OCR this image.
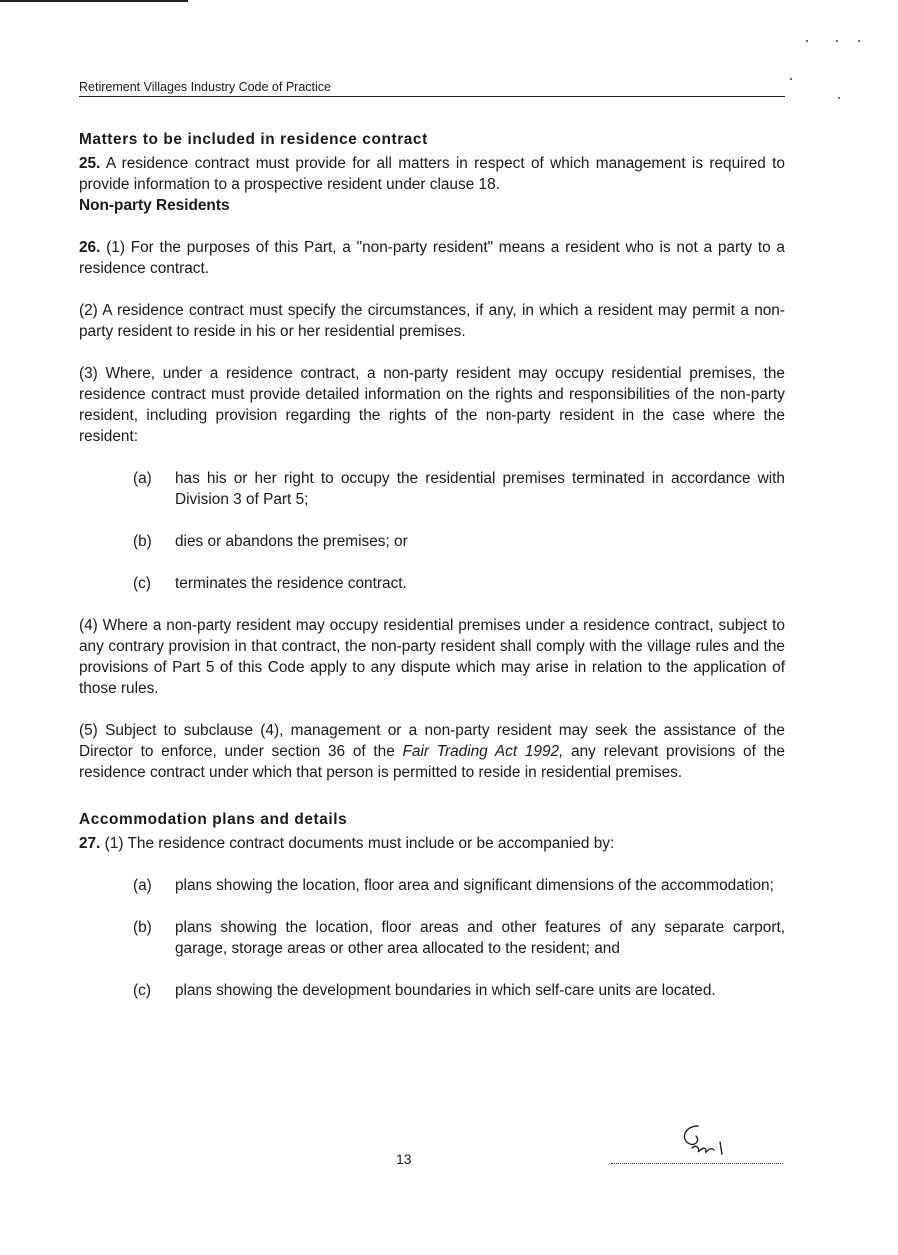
Retirement Villages Industry Code of Practice
Matters to be included in residence contract

25. A residence contract must provide for all matters in respect of which management is required to provide information to a prospective resident under clause 18.

Non-party Residents

26. (1) For the purposes of this Part, a "non-party resident" means a resident who is not a party to a residence contract.

(2) A residence contract must specify the circumstances, if any, in which a resident may permit a non-party resident to reside in his or her residential premises.

(3) Where, under a residence contract, a non-party resident may occupy residential premises, the residence contract must provide detailed information on the rights and responsibilities of the non-party resident, including provision regarding the rights of the non-party resident in the case where the resident:

(a) has his or her right to occupy the residential premises terminated in accordance with Division 3 of Part 5;
(b) dies or abandons the premises; or
(c) terminates the residence contract.

(4) Where a non-party resident may occupy residential premises under a residence contract, subject to any contrary provision in that contract, the non-party resident shall comply with the village rules and the provisions of Part 5 of this Code apply to any dispute which may arise in relation to the application of those rules.

(5) Subject to subclause (4), management or a non-party resident may seek the assistance of the Director to enforce, under section 36 of the Fair Trading Act 1992, any relevant provisions of the residence contract under which that person is permitted to reside in residential premises.

Accommodation plans and details

27. (1) The residence contract documents must include or be accompanied by:

(a) plans showing the location, floor area and significant dimensions of the accommodation;
(b) plans showing the location, floor areas and other features of any separate carport, garage, storage areas or other area allocated to the resident; and
(c) plans showing the development boundaries in which self-care units are located.
13
